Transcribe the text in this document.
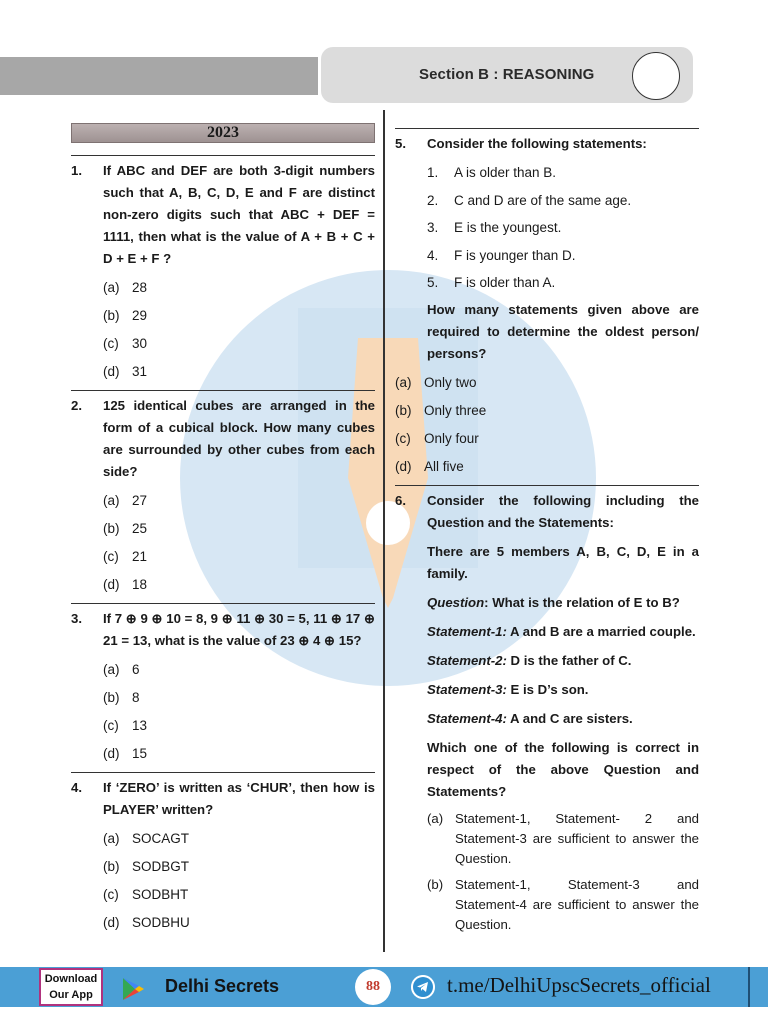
Section B : REASONING
2023
1.	If ABC and DEF are both 3-digit numbers such that A, B, C, D, E and F are distinct non-zero digits such that ABC + DEF = 1111, then what is the value of A + B + C + D + E + F ?
(a) 28
(b) 29
(c) 30
(d) 31
2.	125 identical cubes are arranged in the form of a cubical block. How many cubes are surrounded by other cubes from each side?
(a) 27
(b) 25
(c) 21
(d) 18
3.	If 7 ⊕ 9 ⊕ 10 = 8, 9 ⊕ 11 ⊕ 30 = 5, 11 ⊕ 17 ⊕ 21 = 13, what is the value of 23 ⊕ 4 ⊕ 15?
(a) 6
(b) 8
(c) 13
(d) 15
4.	If ‘ZERO’ is written as ‘CHUR’, then how is PLAYER’ written?
(a) SOCAGT
(b) SODBGT
(c) SODBHT
(d) SODBHU
5.	Consider the following statements:
1.	A is older than B.
2.	C and D are of the same age.
3.	E is the youngest.
4.	F is younger than D.
5.	F is older than A.
How many statements given above are required to determine the oldest person/ persons?
(a) Only two
(b) Only three
(c) Only four
(d) All five
6.	Consider the following including the Question and the Statements:
There are 5 members A, B, C, D, E in a family.
Question: What is the relation of E to B?
Statement-1: A and B are a married couple.
Statement-2: D is the father of C.
Statement-3: E is D’s son.
Statement-4: A and C are sisters.
Which one of the following is correct in respect of the above Question and Statements?
(a) Statement-1, Statement- 2 and Statement-3 are sufficient to answer the Question.
(b) Statement-1, Statement-3 and Statement-4 are sufficient to answer the Question.
Download
Our App	Delhi Secrets	88	t.me/DelhiUpscSecrets_official
